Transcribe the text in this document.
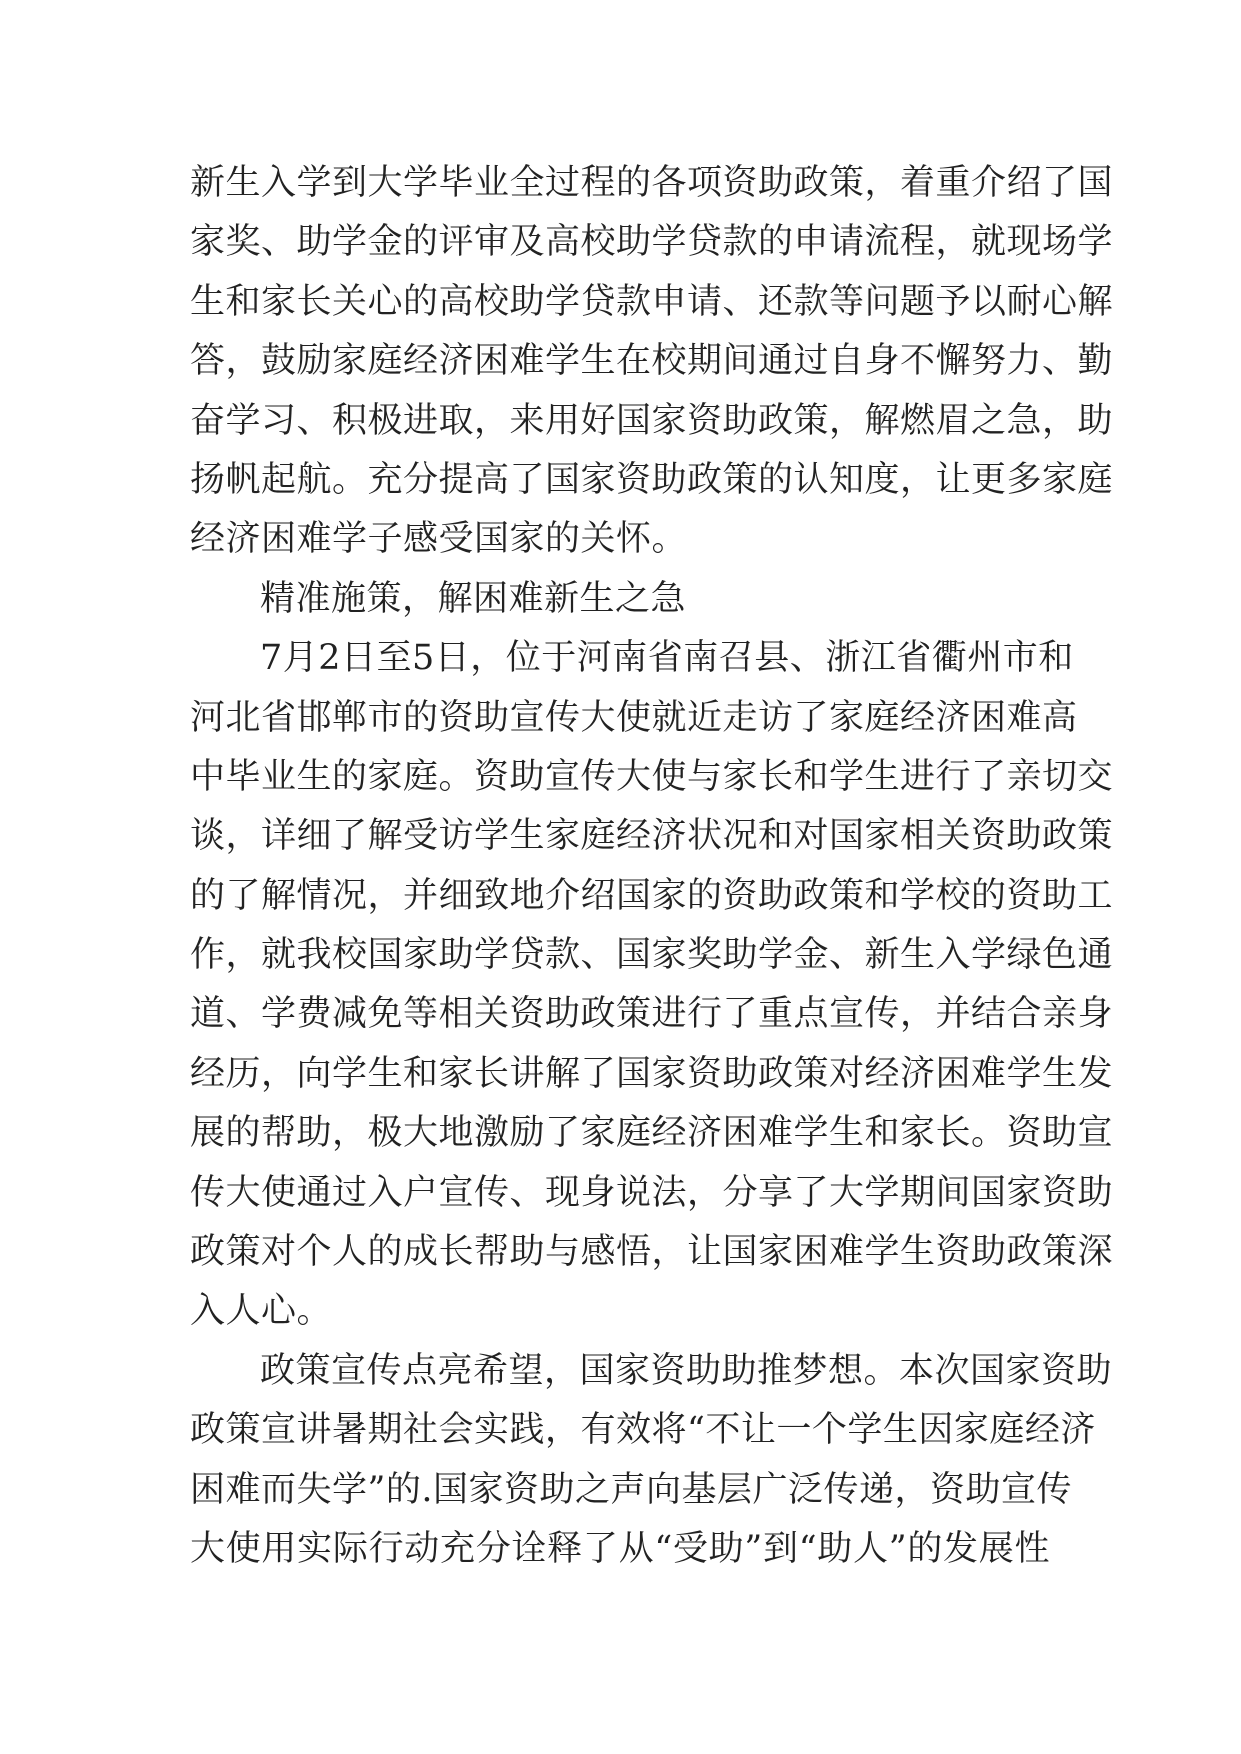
新生入学到大学毕业全过程的各项资助政策，着重介绍了国
家奖、助学金的评审及高校助学贷款的申请流程，就现场学
生和家长关心的高校助学贷款申请、还款等问题予以耐心解
答，鼓励家庭经济困难学生在校期间通过自身不懈努力、勤
奋学习、积极进取，来用好国家资助政策，解燃眉之急，助
扬帆起航。充分提高了国家资助政策的认知度，让更多家庭
经济困难学子感受国家的关怀。
精准施策，解困难新生之急
7月2日至5日，位于河南省南召县、浙江省衢州市和
河北省邯郸市的资助宣传大使就近走访了家庭经济困难高
中毕业生的家庭。资助宣传大使与家长和学生进行了亲切交
谈，详细了解受访学生家庭经济状况和对国家相关资助政策
的了解情况，并细致地介绍国家的资助政策和学校的资助工
作，就我校国家助学贷款、国家奖助学金、新生入学绿色通
道、学费减免等相关资助政策进行了重点宣传，并结合亲身
经历，向学生和家长讲解了国家资助政策对经济困难学生发
展的帮助，极大地激励了家庭经济困难学生和家长。资助宣
传大使通过入户宣传、现身说法，分享了大学期间国家资助
政策对个人的成长帮助与感悟，让国家困难学生资助政策深
入人心。
政策宣传点亮希望，国家资助助推梦想。本次国家资助
政策宣讲暑期社会实践，有效将“不让一个学生因家庭经济
困难而失学”的.国家资助之声向基层广泛传递，资助宣传
大使用实际行动充分诠释了从“受助”到“助人”的发展性
